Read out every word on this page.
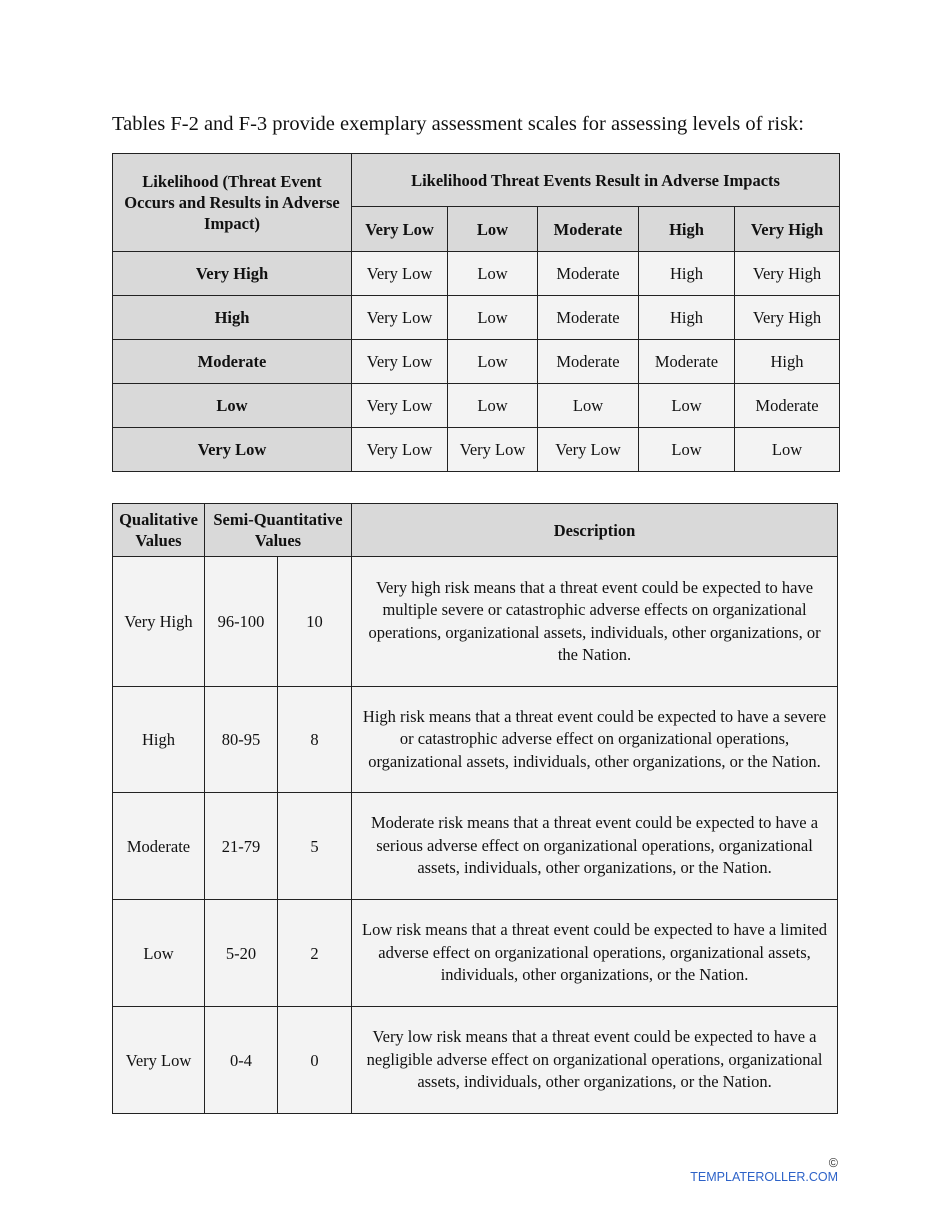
Tables F-2 and F-3 provide exemplary assessment scales for assessing levels of risk:

Likelihood (Threat Event Occurs and Results in Adverse Impact)	Likelihood Threat Events Result in Adverse Impacts				
	Very Low	Low	Moderate	High	Very High
Very High	Very Low	Low	Moderate	High	Very High
High	Very Low	Low	Moderate	High	Very High
Moderate	Very Low	Low	Moderate	Moderate	High
Low	Very Low	Low	Low	Low	Moderate
Very Low	Very Low	Very Low	Very Low	Low	Low
Qualitative Values	Semi-Quantitative Values		Description
Very High	96-100	10	Very high risk means that a threat event could be expected to have multiple severe or catastrophic adverse effects on organizational operations, organizational assets, individuals, other organizations, or the Nation.
High	80-95	8	High risk means that a threat event could be expected to have a severe or catastrophic adverse effect on organizational operations, organizational assets, individuals, other organizations, or the Nation.
Moderate	21-79	5	Moderate risk means that a threat event could be expected to have a serious adverse effect on organizational operations, organizational assets, individuals, other organizations, or the Nation.
Low	5-20	2	Low risk means that a threat event could be expected to have a limited adverse effect on organizational operations, organizational assets, individuals, other organizations, or the Nation.
Very Low	0-4	0	Very low risk means that a threat event could be expected to have a negligible adverse effect on organizational operations, organizational assets, individuals, other organizations, or the Nation.
© TEMPLATEROLLER.COM
